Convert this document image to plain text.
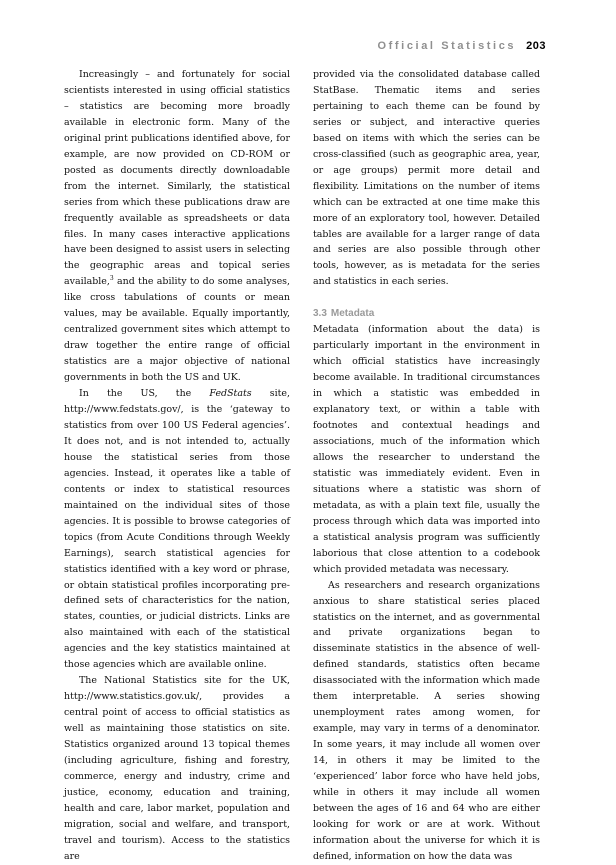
Official Statistics 203

Increasingly – and fortunately for social scientists interested in using official statistics – statistics are becoming more broadly available in electronic form. Many of the original print publications identified above, for example, are now provided on CD-ROM or posted as documents directly downloadable from the internet. Similarly, the statistical series from which these publications draw are frequently available as spreadsheets or data files. In many cases interactive applications have been designed to assist users in selecting the geographic areas and topical series available,$^3$ and the ability to do some analyses, like cross tabulations of counts or mean values, may be available. Equally importantly, centralized government sites which attempt to draw together the entire range of official statistics are a major objective of national governments in both the US and UK.

In the US, the FedStats site, http://www.fedstats.gov/, is the ‘gateway to statistics from over 100 US Federal agencies’. It does not, and is not intended to, actually house the statistical series from those agencies. Instead, it operates like a table of contents or index to statistical resources maintained on the individual sites of those agencies. It is possible to browse categories of topics (from Acute Conditions through Weekly Earnings), search statistical agencies for statistics identified with a key word or phrase, or obtain statistical profiles incorporating pre-defined sets of characteristics for the nation, states, counties, or judicial districts. Links are also maintained with each of the statistical agencies and the key statistics maintained at those agencies which are available online.

The National Statistics site for the UK, http://www.statistics.gov.uk/, provides a central point of access to official statistics as well as maintaining those statistics on site. Statistics organized around 13 topical themes (including agriculture, fishing and forestry, commerce, energy and industry, crime and justice, economy, education and training, health and care, labor market, population and migration, social and welfare, and transport, travel and tourism). Access to the statistics are

provided via the consolidated database called StatBase. Thematic items and series pertaining to each theme can be found by series or subject, and interactive queries based on items with which the series can be cross-classified (such as geographic area, year, or age groups) permit more detail and flexibility. Limitations on the number of items which can be extracted at one time make this more of an exploratory tool, however. Detailed tables are available for a larger range of data and series are also possible through other tools, however, as is metadata for the series and statistics in each series.

3.3 Metadata

Metadata (information about the data) is particularly important in the environment in which official statistics have increasingly become available. In traditional circumstances in which a statistic was embedded in explanatory text, or within a table with footnotes and contextual headings and associations, much of the information which allows the researcher to understand the statistic was immediately evident. Even in situations where a statistic was shorn of metadata, as with a plain text file, usually the process through which data was imported into a statistical analysis program was sufficiently laborious that close attention to a codebook which provided metadata was necessary.

As researchers and research organizations anxious to share statistical series placed statistics on the internet, and as governmental and private organizations began to disseminate statistics in the absence of well-defined standards, statistics often became disassociated with the information which made them interpretable. A series showing unemployment rates among women, for example, may vary in terms of a denominator. In some years, it may include all women over 14, in others it may be limited to the ‘experienced’ labor force who have held jobs, while in others it may include all women between the ages of 16 and 64 who are either looking for work or are at work. Without information about the universe for which it is defined, information on how the data was
